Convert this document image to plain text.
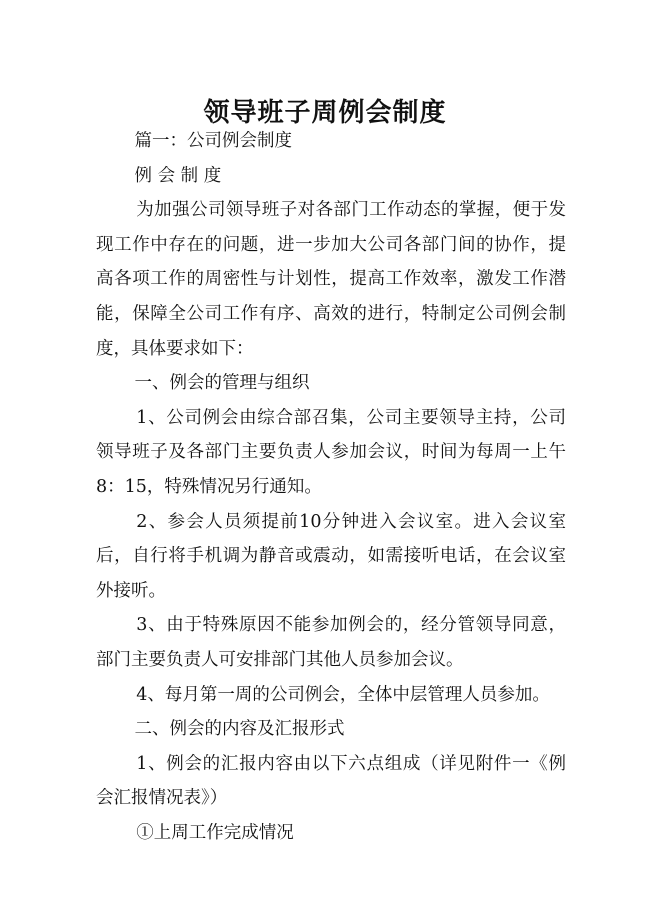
领导班子周例会制度

篇一：公司例会制度

例 会 制 度

为加强公司领导班子对各部门工作动态的掌握，便于发现工作中存在的问题，进一步加大公司各部门间的协作，提高各项工作的周密性与计划性，提高工作效率，激发工作潜能，保障全公司工作有序、高效的进行，特制定公司例会制度，具体要求如下：

一、例会的管理与组织

1、公司例会由综合部召集，公司主要领导主持，公司领导班子及各部门主要负责人参加会议，时间为每周一上午8：15，特殊情况另行通知。

2、参会人员须提前10分钟进入会议室。进入会议室后，自行将手机调为静音或震动，如需接听电话，在会议室外接听。

3、由于特殊原因不能参加例会的，经分管领导同意，部门主要负责人可安排部门其他人员参加会议。

4、每月第一周的公司例会，全体中层管理人员参加。

二、例会的内容及汇报形式

1、例会的汇报内容由以下六点组成（详见附件一《例会汇报情况表》）

①上周工作完成情况
